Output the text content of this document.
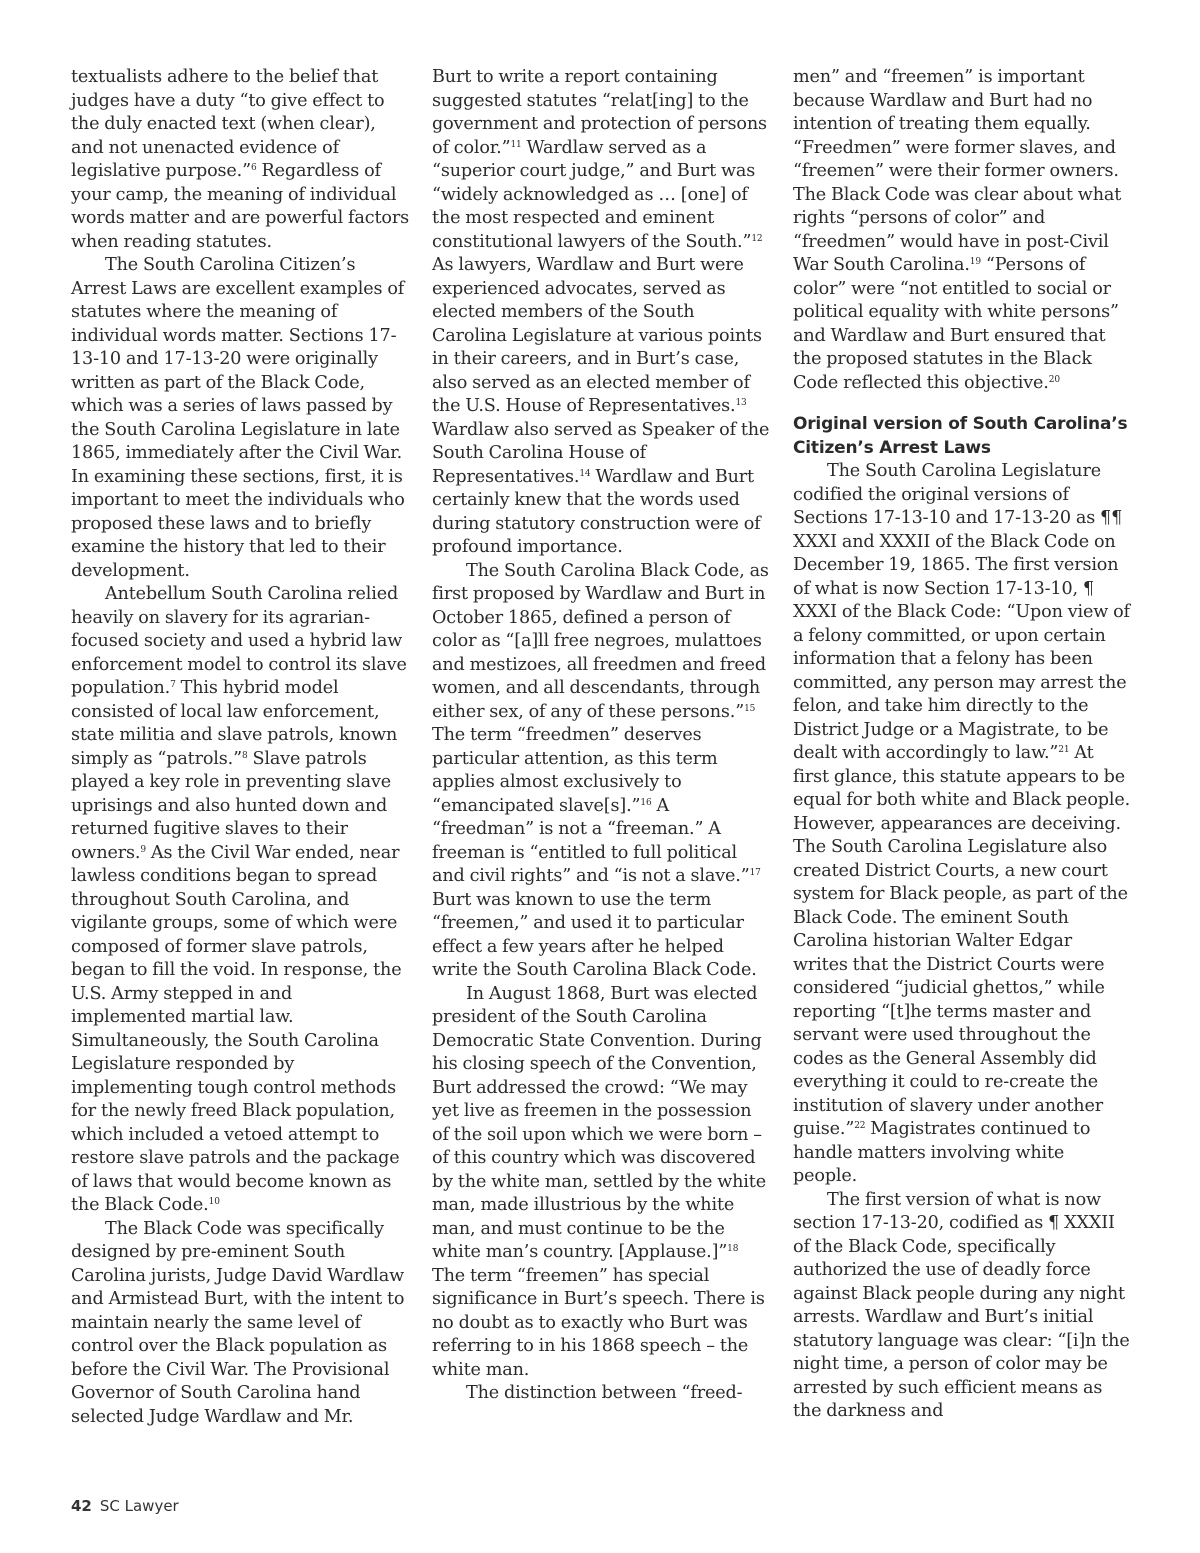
textualists adhere to the belief that judges have a duty “to give effect to the duly enacted text (when clear), and not unenacted evidence of legislative purpose.”$^6$ Regardless of your camp, the meaning of individual words matter and are powerful factors when reading statutes.

The South Carolina Citizen’s Arrest Laws are excellent examples of statutes where the meaning of individual words matter. Sections 17-13-10 and 17-13-20 were originally written as part of the Black Code, which was a series of laws passed by the South Carolina Legislature in late 1865, immediately after the Civil War. In examining these sections, first, it is important to meet the individuals who proposed these laws and to briefly examine the history that led to their development.

Antebellum South Carolina relied heavily on slavery for its agrarian-focused society and used a hybrid law enforcement model to control its slave population.$^7$ This hybrid model consisted of local law enforcement, state militia and slave patrols, known simply as “patrols.”$^8$ Slave patrols played a key role in preventing slave uprisings and also hunted down and returned fugitive slaves to their owners.$^9$ As the Civil War ended, near lawless conditions began to spread throughout South Carolina, and vigilante groups, some of which were composed of former slave patrols, began to fill the void. In response, the U.S. Army stepped in and implemented martial law. Simultaneously, the South Carolina Legislature responded by implementing tough control methods for the newly freed Black population, which included a vetoed attempt to restore slave patrols and the package of laws that would become known as the Black Code.$^{10}$

The Black Code was specifically designed by pre-eminent South Carolina jurists, Judge David Wardlaw and Armistead Burt, with the intent to maintain nearly the same level of control over the Black population as before the Civil War. The Provisional Governor of South Carolina hand selected Judge Wardlaw and Mr.

Burt to write a report containing suggested statutes “relat[ing] to the government and protection of persons of color.”$^{11}$ Wardlaw served as a “superior court judge,” and Burt was “widely acknowledged as … [one] of the most respected and eminent constitutional lawyers of the South.”$^{12}$ As lawyers, Wardlaw and Burt were experienced advocates, served as elected members of the South Carolina Legislature at various points in their careers, and in Burt’s case, also served as an elected member of the U.S. House of Representatives.$^{13}$ Wardlaw also served as Speaker of the South Carolina House of Representatives.$^{14}$ Wardlaw and Burt certainly knew that the words used during statutory construction were of profound importance.

The South Carolina Black Code, as first proposed by Wardlaw and Burt in October 1865, defined a person of color as “[a]ll free negroes, mulattoes and mestizoes, all freedmen and freed women, and all descendants, through either sex, of any of these persons.”$^{15}$ The term “freedmen” deserves particular attention, as this term applies almost exclusively to “emancipated slave[s].”$^{16}$ A “freedman” is not a “freeman.” A freeman is “entitled to full political and civil rights” and “is not a slave.”$^{17}$ Burt was known to use the term “freemen,” and used it to particular effect a few years after he helped write the South Carolina Black Code.

In August 1868, Burt was elected president of the South Carolina Democratic State Convention. During his closing speech of the Convention, Burt addressed the crowd: “We may yet live as freemen in the possession of the soil upon which we were born – of this country which was discovered by the white man, settled by the white man, made illustrious by the white man, and must continue to be the white man’s country. [Applause.]”$^{18}$ The term “freemen” has special significance in Burt’s speech. There is no doubt as to exactly who Burt was referring to in his 1868 speech – the white man.

The distinction between “freed-

men” and “freemen” is important because Wardlaw and Burt had no intention of treating them equally. “Freedmen” were former slaves, and “freemen” were their former owners. The Black Code was clear about what rights “persons of color” and “freedmen” would have in post-Civil War South Carolina.$^{19}$ “Persons of color” were “not entitled to social or political equality with white persons” and Wardlaw and Burt ensured that the proposed statutes in the Black Code reflected this objective.$^{20}$

Original version of South Carolina’s Citizen’s Arrest Laws

The South Carolina Legislature codified the original versions of Sections 17-13-10 and 17-13-20 as ¶¶ XXXI and XXXII of the Black Code on December 19, 1865. The first version of what is now Section 17-13-10, ¶ XXXI of the Black Code: “Upon view of a felony committed, or upon certain information that a felony has been committed, any person may arrest the felon, and take him directly to the District Judge or a Magistrate, to be dealt with accordingly to law.”$^{21}$ At first glance, this statute appears to be equal for both white and Black people. However, appearances are deceiving. The South Carolina Legislature also created District Courts, a new court system for Black people, as part of the Black Code. The eminent South Carolina historian Walter Edgar writes that the District Courts were considered “judicial ghettos,” while reporting “[t]he terms master and servant were used throughout the codes as the General Assembly did everything it could to re-create the institution of slavery under another guise.”$^{22}$ Magistrates continued to handle matters involving white people.

The first version of what is now section 17-13-20, codified as ¶ XXXII of the Black Code, specifically authorized the use of deadly force against Black people during any night arrests. Wardlaw and Burt’s initial statutory language was clear: “[i]n the night time, a person of color may be arrested by such efficient means as the darkness and

42 SC Lawyer
